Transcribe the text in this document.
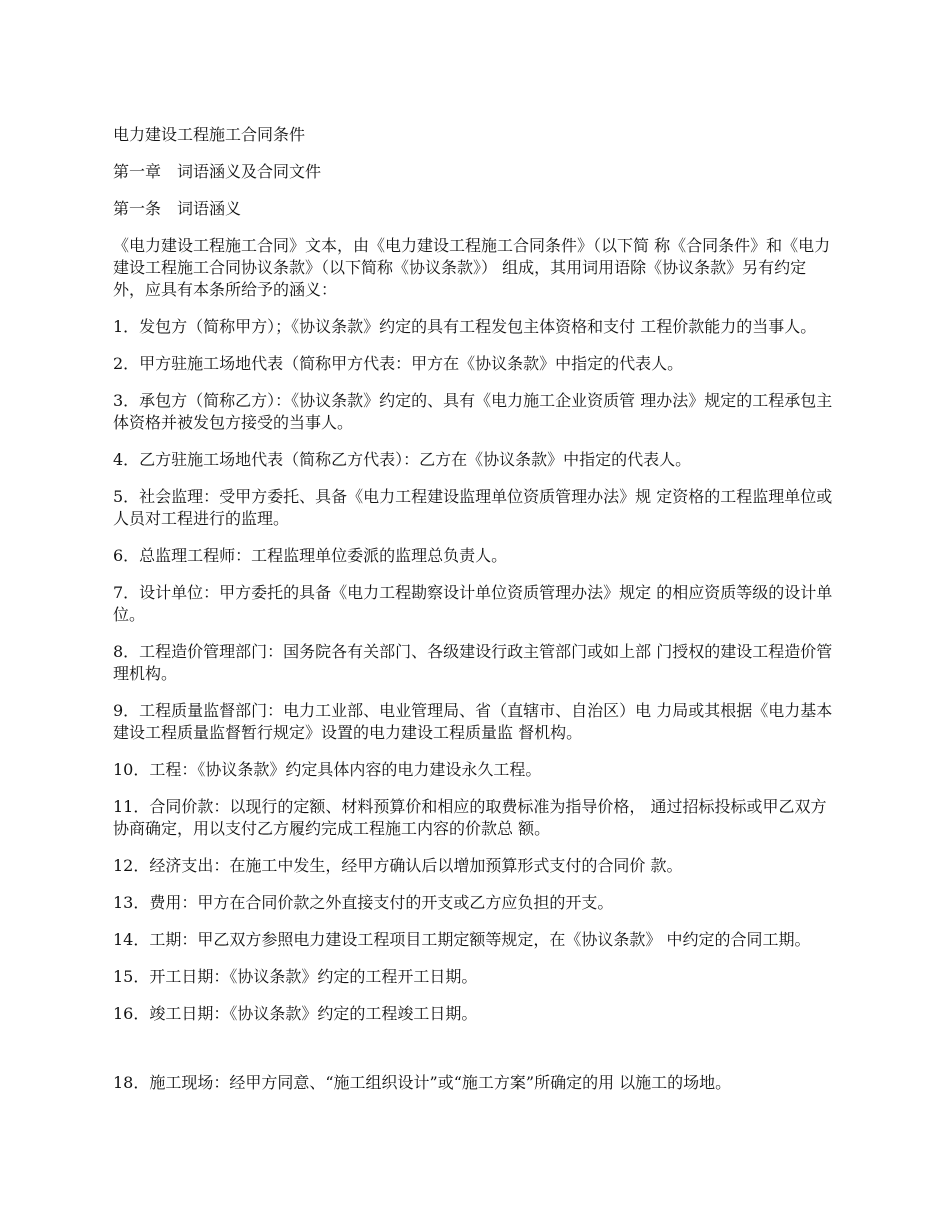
电力建设工程施工合同条件

第一章　词语涵义及合同文件

第一条　词语涵义

《电力建设工程施工合同》文本，由《电力建设工程施工合同条件》（以下简 称《合同条件》和《电力建设工程施工合同协议条款》（以下简称《协议条款》） 组成，其用词用语除《协议条款》另有约定外，应具有本条所给予的涵义：

1．发包方（简称甲方）；《协议条款》约定的具有工程发包主体资格和支付 工程价款能力的当事人。

2．甲方驻施工场地代表（简称甲方代表：甲方在《协议条款》中指定的代表人。

3．承包方（简称乙方）：《协议条款》约定的、具有《电力施工企业资质管 理办法》规定的工程承包主体资格并被发包方接受的当事人。

4．乙方驻施工场地代表（简称乙方代表）：乙方在《协议条款》中指定的代表人。

5．社会监理：受甲方委托、具备《电力工程建设监理单位资质管理办法》规 定资格的工程监理单位或人员对工程进行的监理。

6．总监理工程师：工程监理单位委派的监理总负责人。

7．设计单位：甲方委托的具备《电力工程勘察设计单位资质管理办法》规定 的相应资质等级的设计单位。

8．工程造价管理部门：国务院各有关部门、各级建设行政主管部门或如上部 门授权的建设工程造价管理机构。

9．工程质量监督部门：电力工业部、电业管理局、省（直辖市、自治区）电 力局或其根据《电力基本建设工程质量监督暂行规定》设置的电力建设工程质量监 督机构。

10．工程：《协议条款》约定具体内容的电力建设永久工程。

11．合同价款：以现行的定额、材料预算价和相应的取费标准为指导价格， 通过招标投标或甲乙双方协商确定，用以支付乙方履约完成工程施工内容的价款总 额。

12．经济支出：在施工中发生，经甲方确认后以增加预算形式支付的合同价 款。

13．费用：甲方在合同价款之外直接支付的开支或乙方应负担的开支。

14．工期：甲乙双方参照电力建设工程项目工期定额等规定，在《协议条款》 中约定的合同工期。

15．开工日期：《协议条款》约定的工程开工日期。

16．竣工日期：《协议条款》约定的工程竣工日期。

18．施工现场：经甲方同意、“施工组织设计”或“施工方案”所确定的用 以施工的场地。
